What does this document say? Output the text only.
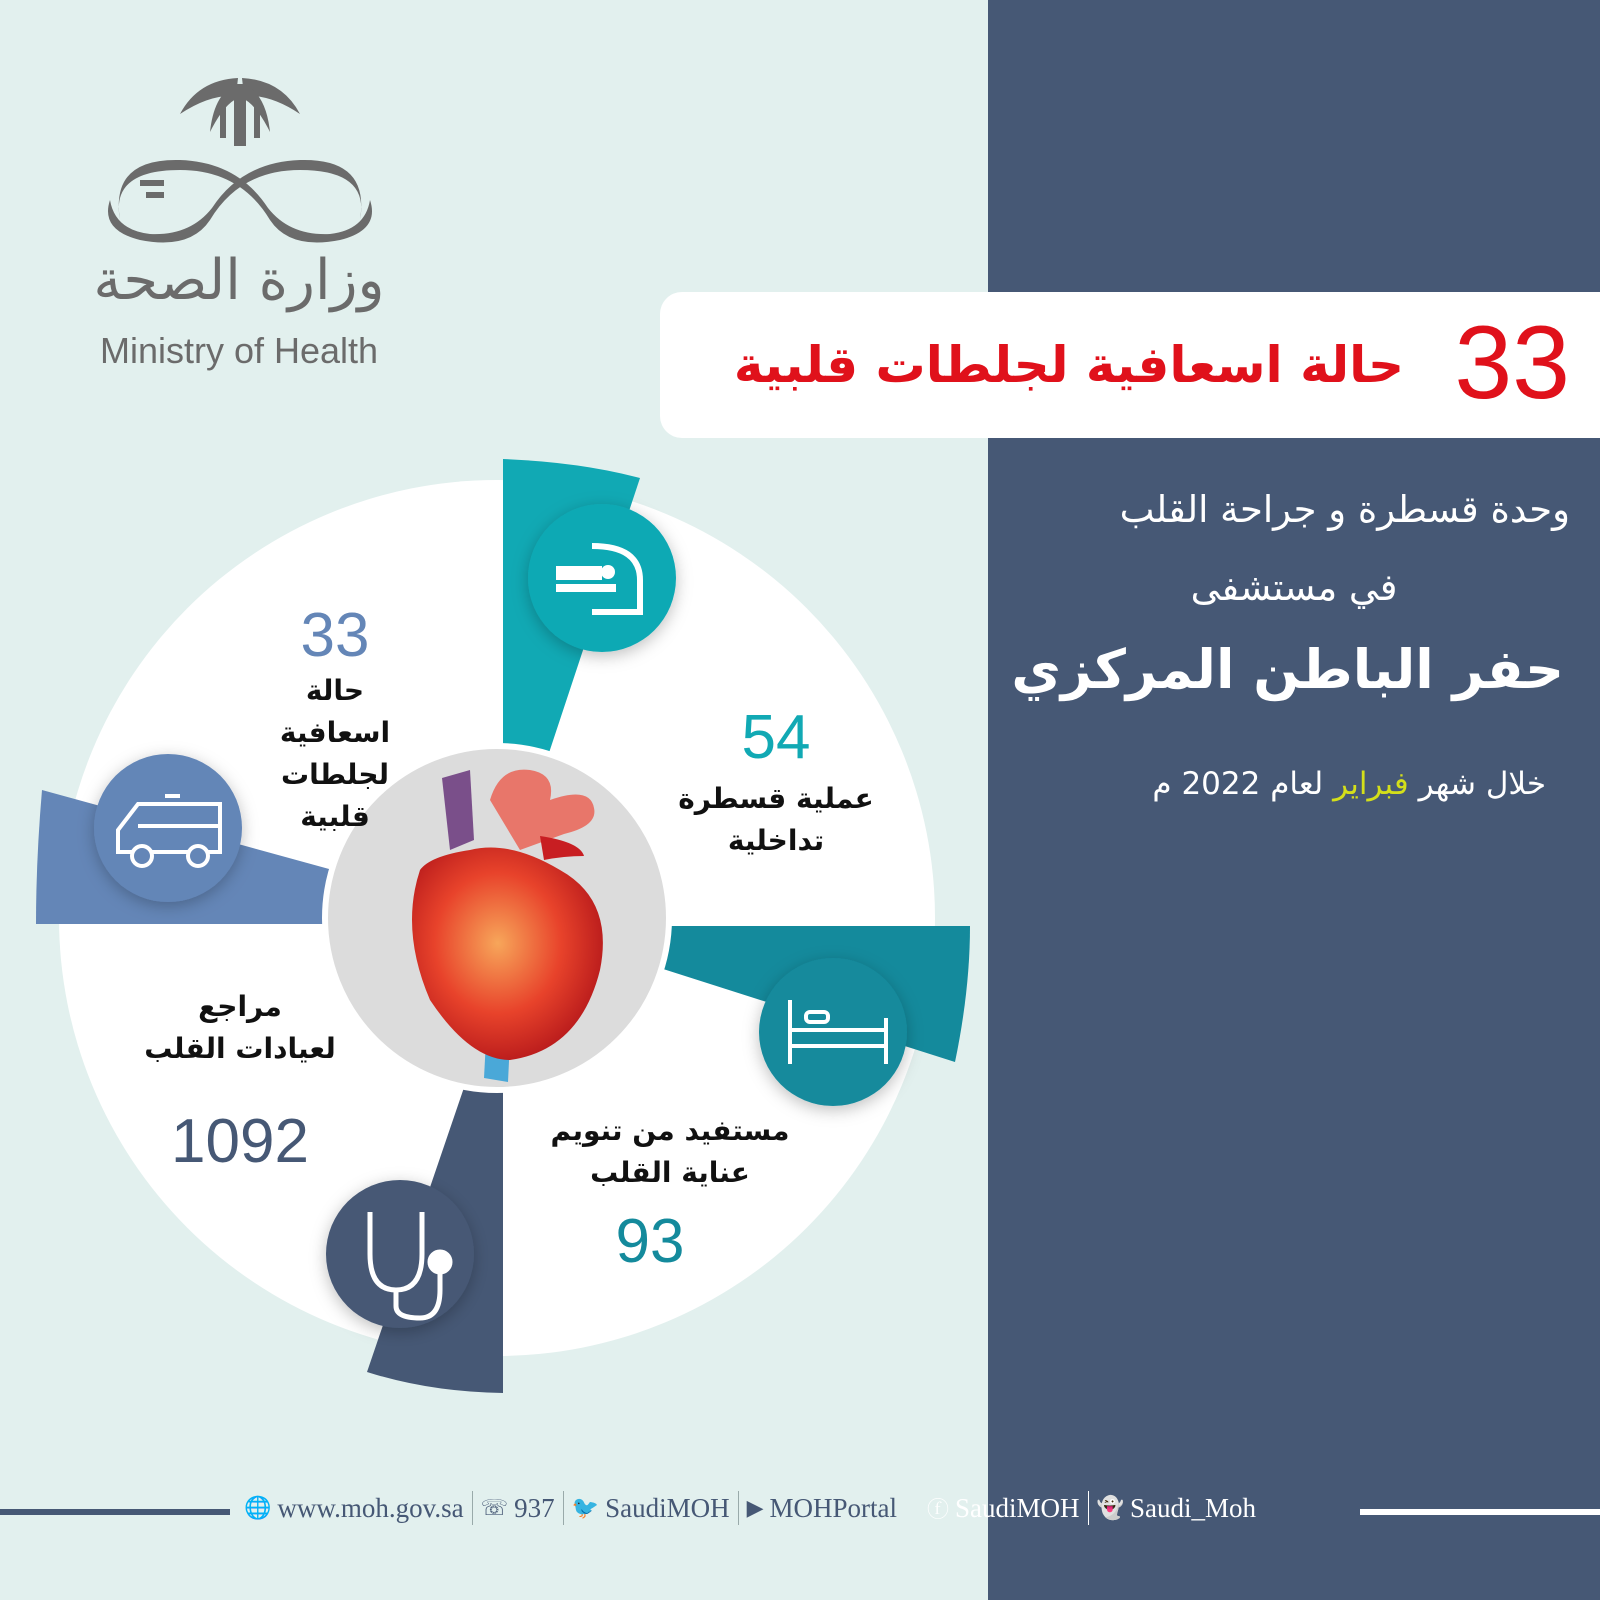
وزارة الصحة
Ministry of Health	33
حالة اسعافية لجلطات قلبية
وحدة قسطرة و جراحة القلب
في مستشفى
حفر الباطن المركزي
خلال شهر فبراير لعام 2022 م
33
حالة اسعافية
لجلطات قلبية
54
عملية قسطرة
تداخلية
مستفيد من تنويم
عناية القلب
93
مراجع
لعيادات القلب
1092
🌐 www.moh.gov.sa ☏ 937 🐦 SaudiMOH ▶ MOHPortal ⓕ SaudiMOH 👻 Saudi_Moh
